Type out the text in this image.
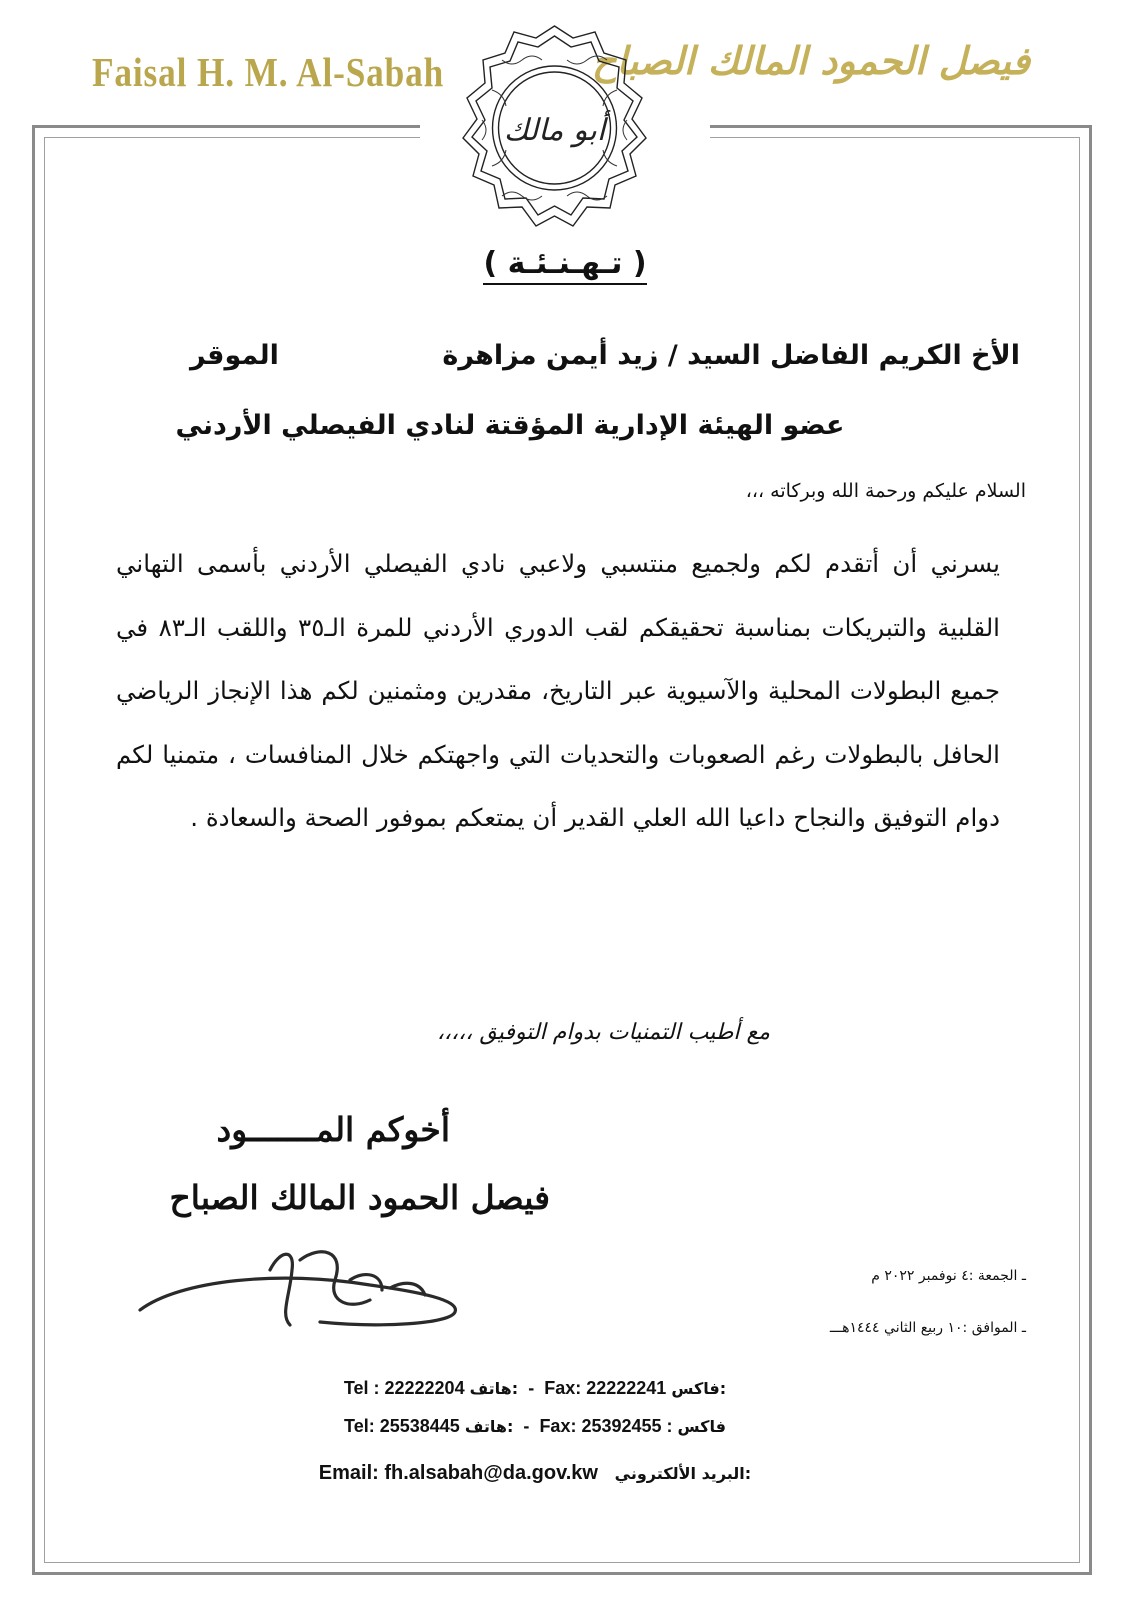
Faisal H. M. Al-Sabah	فيصل الحمود المالك الصباح
أبو مالك
( تـهـنـئـة )
الأخ الكريم الفاضل السيد / زيد أيمن مزاهرة
الموقر
عضو الهيئة الإدارية المؤقتة لنادي الفيصلي الأردني
السلام عليكم ورحمة الله وبركاته ،،،
يسرني أن أتقدم لكم ولجميع منتسبي ولاعبي نادي الفيصلي الأردني بأسمى التهاني القلبية والتبريكات بمناسبة تحقيقكم لقب الدوري الأردني للمرة الـ٣٥ واللقب الـ٨٣ في جميع البطولات المحلية والآسيوية عبر التاريخ، مقدرين ومثمنين لكم هذا الإنجاز الرياضي الحافل بالبطولات رغم الصعوبات والتحديات التي واجهتكم خلال المنافسات ، متمنيا لكم دوام التوفيق والنجاح داعيا الله العلي القدير أن يمتعكم بموفور الصحة والسعادة .
مع أطيب التمنيات بدوام التوفيق ،،،،،
أخوكم المـــــــود
فيصل الحمود المالك الصباح
ـ الجمعة :٤ نوفمبر ٢٠٢٢ م
ـ الموافق :١٠ ربيع الثاني ١٤٤٤هـــ
Tel : 22222204 هاتف: - Fax: 22222241 فاكس:
Tel: 25538445 هاتف: - Fax: 25392455 : فاكس
Email: fh.alsabah@da.gov.kw البريد الألكتروني:
